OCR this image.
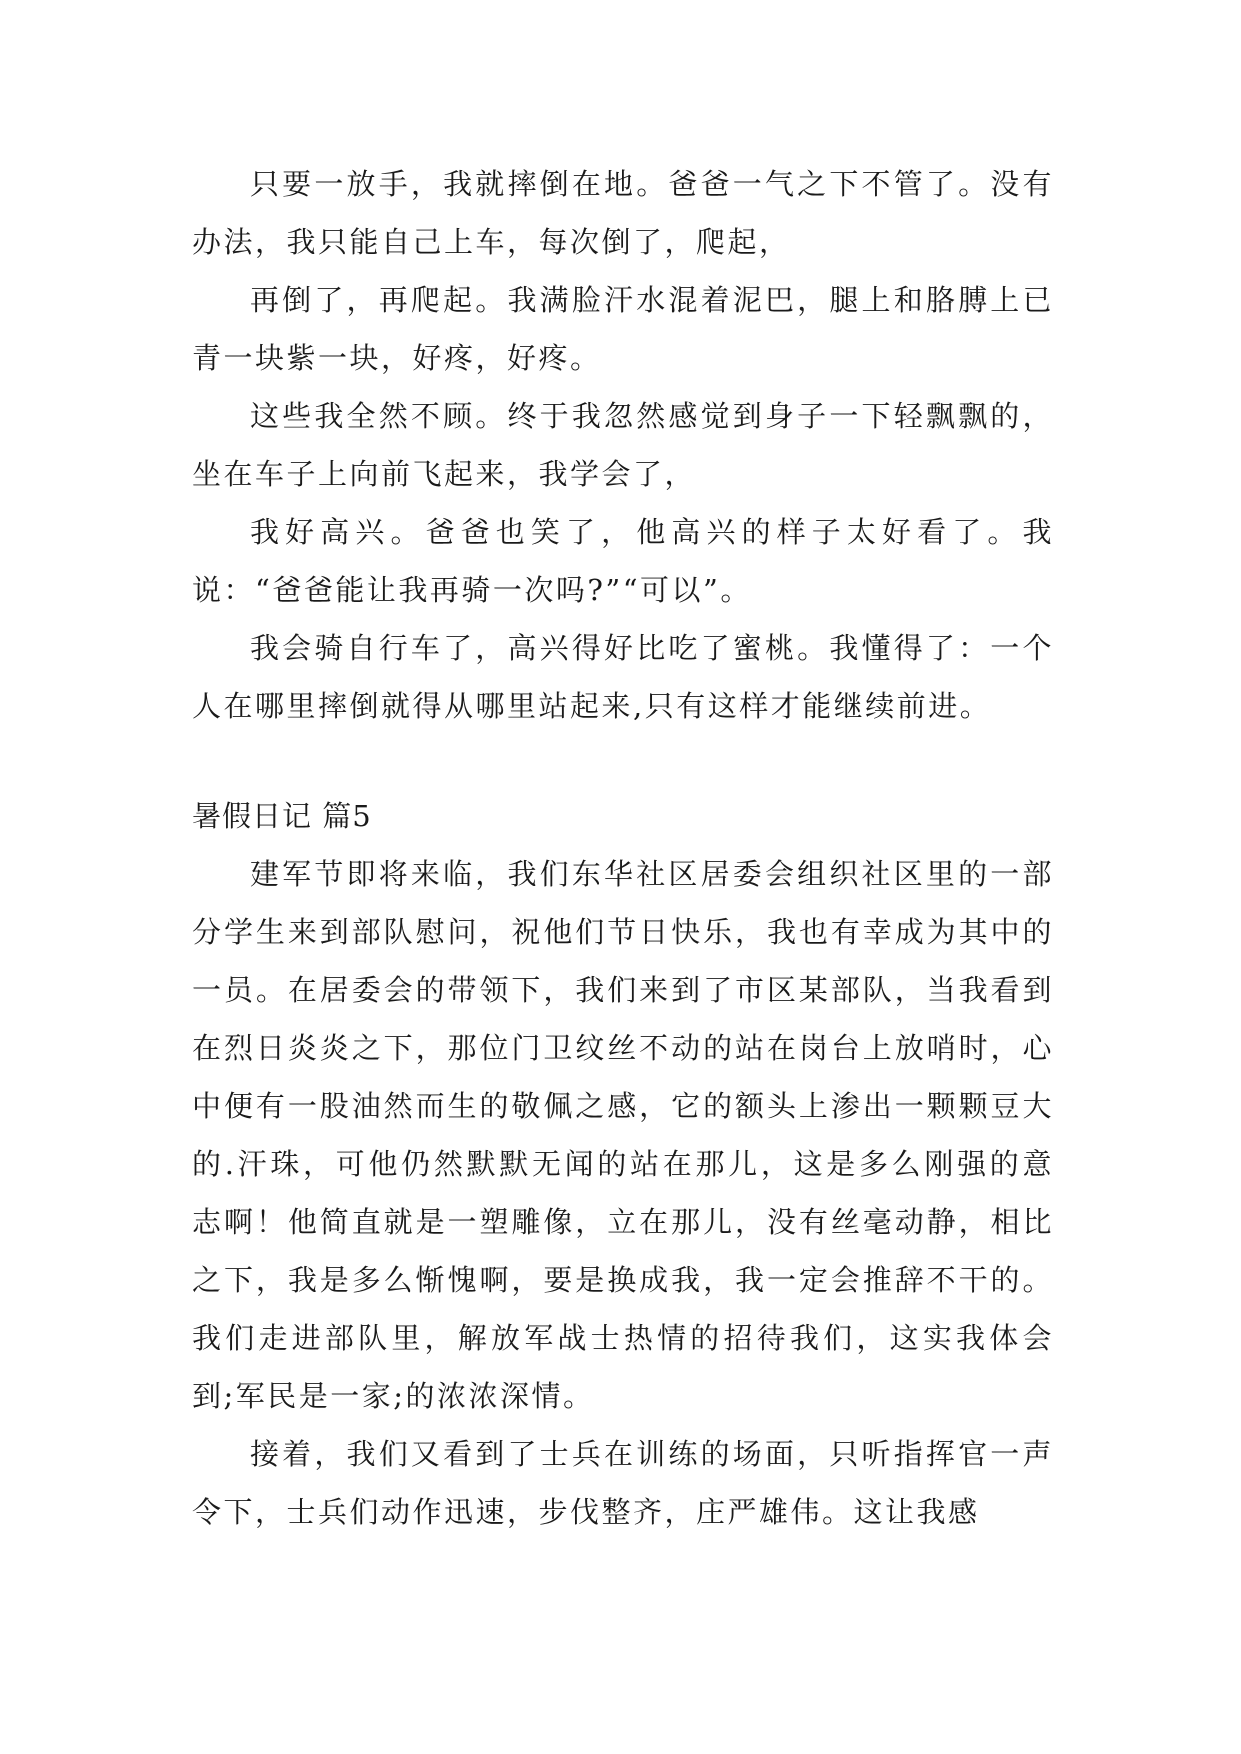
只要一放手，我就摔倒在地。爸爸一气之下不管了。没有办法，我只能自己上车，每次倒了，爬起，

再倒了，再爬起。我满脸汗水混着泥巴，腿上和胳膊上已青一块紫一块，好疼，好疼。

这些我全然不顾。终于我忽然感觉到身子一下轻飘飘的，坐在车子上向前飞起来，我学会了，

我好高兴。爸爸也笑了，他高兴的样子太好看了。我说：“爸爸能让我再骑一次吗?”“可以”。

我会骑自行车了，高兴得好比吃了蜜桃。我懂得了：一个人在哪里摔倒就得从哪里站起来,只有这样才能继续前进。

暑假日记 篇5

建军节即将来临，我们东华社区居委会组织社区里的一部分学生来到部队慰问，祝他们节日快乐，我也有幸成为其中的一员。在居委会的带领下，我们来到了市区某部队，当我看到在烈日炎炎之下，那位门卫纹丝不动的站在岗台上放哨时，心中便有一股油然而生的敬佩之感，它的额头上渗出一颗颗豆大的.汗珠，可他仍然默默无闻的站在那儿，这是多么刚强的意志啊！他简直就是一塑雕像，立在那儿，没有丝毫动静，相比之下，我是多么惭愧啊，要是换成我，我一定会推辞不干的。我们走进部队里，解放军战士热情的招待我们，这实我体会到;军民是一家;的浓浓深情。

接着，我们又看到了士兵在训练的场面，只听指挥官一声令下，士兵们动作迅速，步伐整齐，庄严雄伟。这让我感
